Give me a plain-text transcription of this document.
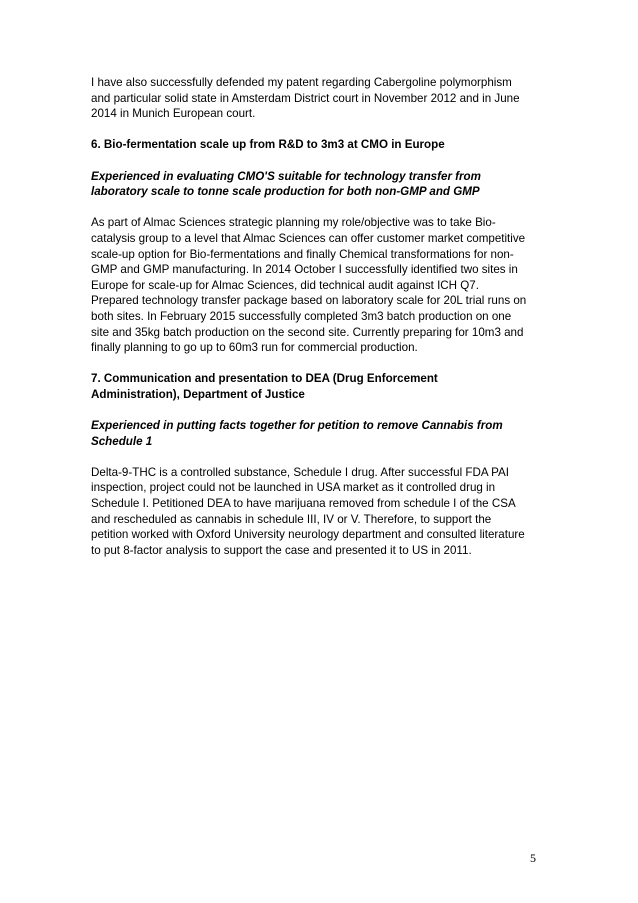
I have also successfully defended my patent regarding Cabergoline polymorphism
and particular solid state in Amsterdam District court in November 2012 and in June
2014 in Munich European court.
6. Bio-fermentation scale up from R&D to 3m3 at CMO in Europe
Experienced in evaluating CMO'S suitable for technology transfer from
laboratory scale to tonne scale production for both non-GMP and GMP
As part of Almac Sciences strategic planning my role/objective was to take Bio-
catalysis group to a level that Almac Sciences can offer customer market competitive
scale-up option for Bio-fermentations and finally Chemical transformations for non-
GMP and GMP manufacturing. In 2014 October I successfully identified two sites in
Europe for scale-up for Almac Sciences, did technical audit against ICH Q7.
Prepared technology transfer package based on laboratory scale for 20L trial runs on
both sites. In February 2015 successfully completed 3m3 batch production on one
site and 35kg batch production on the second site. Currently preparing for 10m3 and
finally planning to go up to 60m3 run for commercial production.
7. Communication and presentation to DEA (Drug Enforcement
Administration), Department of Justice
Experienced in putting facts together for petition to remove Cannabis from
Schedule 1
Delta-9-THC is a controlled substance, Schedule I drug. After successful FDA PAI
inspection, project could not be launched in USA market as it controlled drug in
Schedule I. Petitioned DEA to have marijuana removed from schedule I of the CSA
and rescheduled as cannabis in schedule III, IV or V. Therefore, to support the
petition worked with Oxford University neurology department and consulted literature
to put 8-factor analysis to support the case and presented it to US in 2011.
5
